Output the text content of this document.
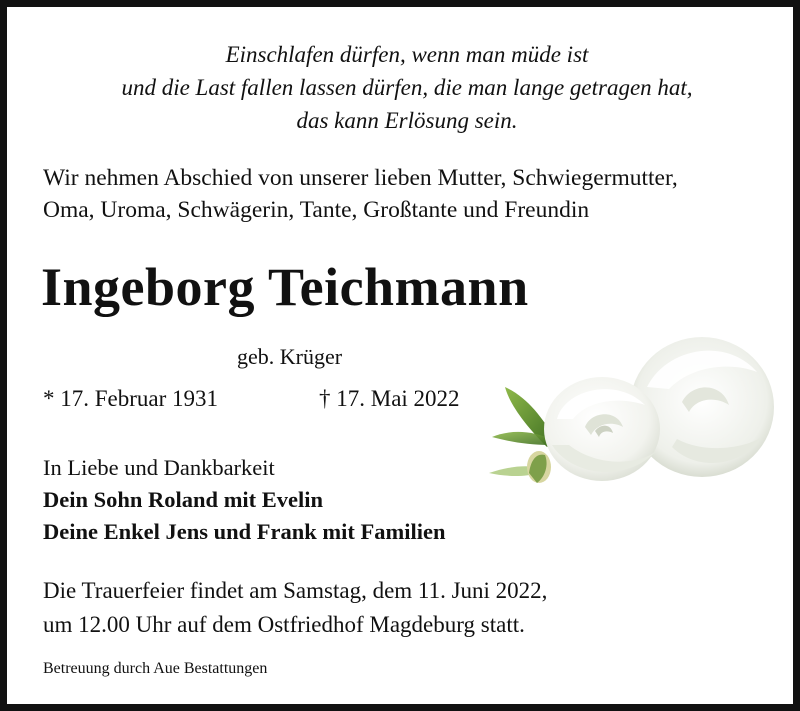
Einschlafen dürfen, wenn man müde ist
und die Last fallen lassen dürfen, die man lange getragen hat,
das kann Erlösung sein.
Wir nehmen Abschied von unserer lieben Mutter, Schwiegermutter,
Oma, Uroma, Schwägerin, Tante, Großtante und Freundin
Ingeborg Teichmann
geb. Krüger
* 17. Februar 1931	† 17. Mai 2022
In Liebe und Dankbarkeit
Dein Sohn Roland mit Evelin
Deine Enkel Jens und Frank mit Familien
Die Trauerfeier findet am Samstag, dem 11. Juni 2022,
um 12.00 Uhr auf dem Ostfriedhof Magdeburg statt.
Betreuung durch Aue Bestattungen
